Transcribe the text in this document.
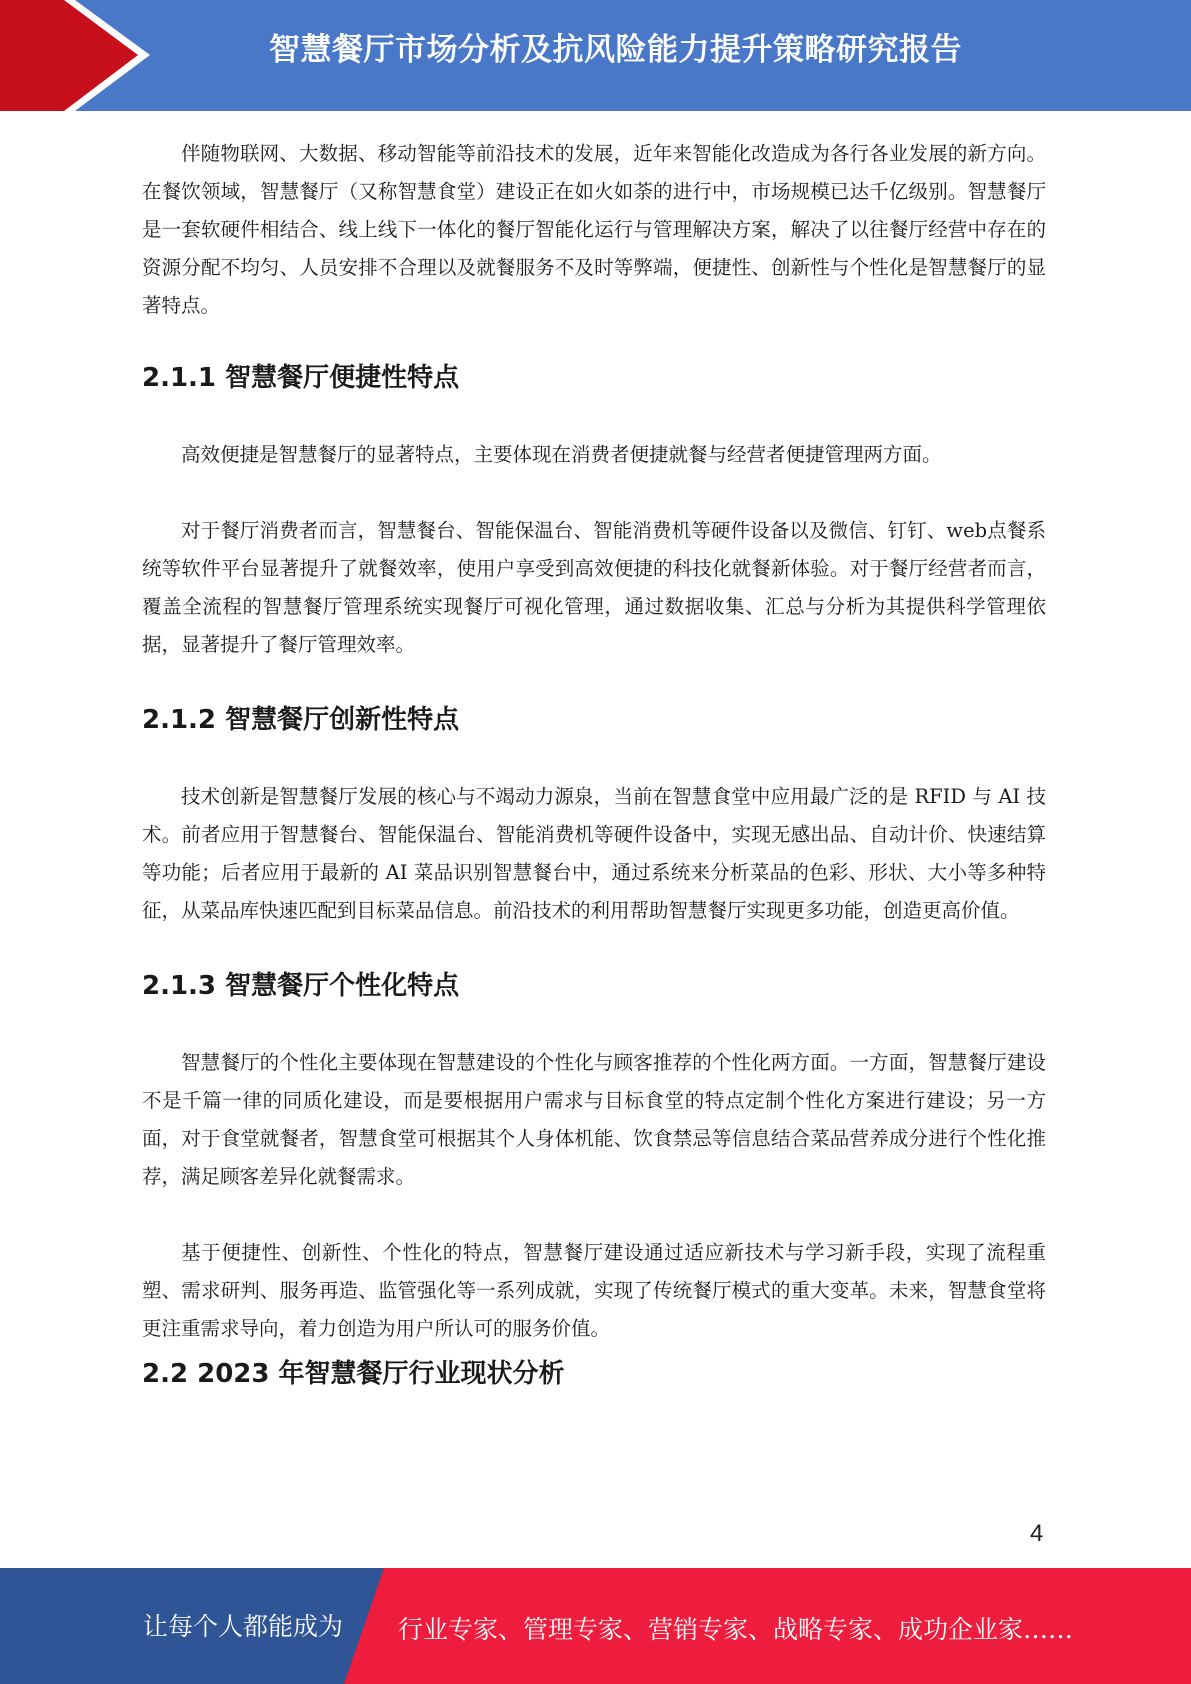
智慧餐厅市场分析及抗风险能力提升策略研究报告

伴随物联网、大数据、移动智能等前沿技术的发展，近年来智能化改造成为各行各业发展的新方向。在餐饮领域，智慧餐厅（又称智慧食堂）建设正在如火如荼的进行中，市场规模已达千亿级别。智慧餐厅是一套软硬件相结合、线上线下一体化的餐厅智能化运行与管理解决方案，解决了以往餐厅经营中存在的资源分配不均匀、人员安排不合理以及就餐服务不及时等弊端，便捷性、创新性与个性化是智慧餐厅的显著特点。

2.1.1 智慧餐厅便捷性特点

高效便捷是智慧餐厅的显著特点，主要体现在消费者便捷就餐与经营者便捷管理两方面。

对于餐厅消费者而言，智慧餐台、智能保温台、智能消费机等硬件设备以及微信、钉钉、web点餐系统等软件平台显著提升了就餐效率，使用户享受到高效便捷的科技化就餐新体验。对于餐厅经营者而言，覆盖全流程的智慧餐厅管理系统实现餐厅可视化管理，通过数据收集、汇总与分析为其提供科学管理依据，显著提升了餐厅管理效率。

2.1.2 智慧餐厅创新性特点

技术创新是智慧餐厅发展的核心与不竭动力源泉，当前在智慧食堂中应用最广泛的是 RFID 与 AI 技术。前者应用于智慧餐台、智能保温台、智能消费机等硬件设备中，实现无感出品、自动计价、快速结算等功能；后者应用于最新的 AI 菜品识别智慧餐台中，通过系统来分析菜品的色彩、形状、大小等多种特征，从菜品库快速匹配到目标菜品信息。前沿技术的利用帮助智慧餐厅实现更多功能，创造更高价值。

2.1.3 智慧餐厅个性化特点

智慧餐厅的个性化主要体现在智慧建设的个性化与顾客推荐的个性化两方面。一方面，智慧餐厅建设不是千篇一律的同质化建设，而是要根据用户需求与目标食堂的特点定制个性化方案进行建设；另一方面，对于食堂就餐者，智慧食堂可根据其个人身体机能、饮食禁忌等信息结合菜品营养成分进行个性化推荐，满足顾客差异化就餐需求。

基于便捷性、创新性、个性化的特点，智慧餐厅建设通过适应新技术与学习新手段，实现了流程重塑、需求研判、服务再造、监管强化等一系列成就，实现了传统餐厅模式的重大变革。未来，智慧食堂将更注重需求导向，着力创造为用户所认可的服务价值。

2.2 2023 年智慧餐厅行业现状分析
4
让每个人都能成为 行业专家、管理专家、营销专家、战略专家、成功企业家……
